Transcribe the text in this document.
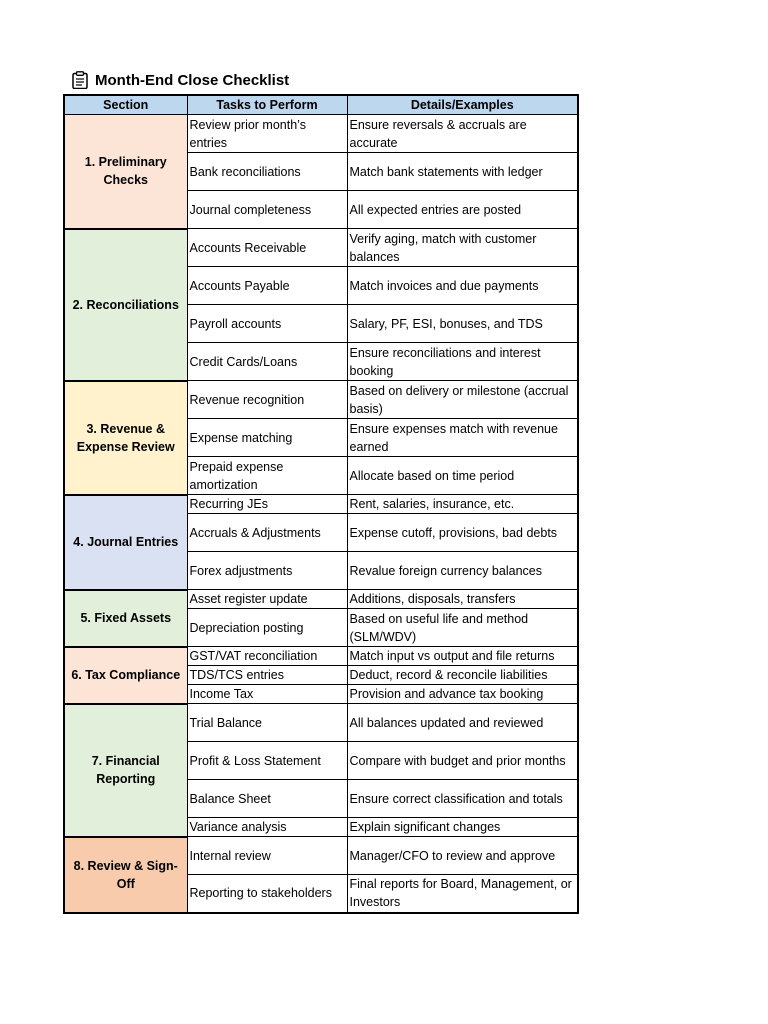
Month-End Close Checklist
Section	Tasks to Perform	Details/Examples
1. Preliminary Checks	Review prior month’s entries	Ensure reversals & accruals are accurate
	Bank reconciliations	Match bank statements with ledger
	Journal completeness	All expected entries are posted
2. Reconciliations	Accounts Receivable	Verify aging, match with customer balances
	Accounts Payable	Match invoices and due payments
	Payroll accounts	Salary, PF, ESI, bonuses, and TDS
	Credit Cards/Loans	Ensure reconciliations and interest booking
3. Revenue & Expense Review	Revenue recognition	Based on delivery or milestone (accrual basis)
	Expense matching	Ensure expenses match with revenue earned
	Prepaid expense amortization	Allocate based on time period
4. Journal Entries	Recurring JEs	Rent, salaries, insurance, etc.
	Accruals & Adjustments	Expense cutoff, provisions, bad debts
	Forex adjustments	Revalue foreign currency balances
5. Fixed Assets	Asset register update	Additions, disposals, transfers
	Depreciation posting	Based on useful life and method (SLM/WDV)
6. Tax Compliance	GST/VAT reconciliation	Match input vs output and file returns
	TDS/TCS entries	Deduct, record & reconcile liabilities
	Income Tax	Provision and advance tax booking
7. Financial Reporting	Trial Balance	All balances updated and reviewed
	Profit & Loss Statement	Compare with budget and prior months
	Balance Sheet	Ensure correct classification and totals
	Variance analysis	Explain significant changes
8. Review & Sign-Off	Internal review	Manager/CFO to review and approve
	Reporting to stakeholders	Final reports for Board, Management, or Investors
